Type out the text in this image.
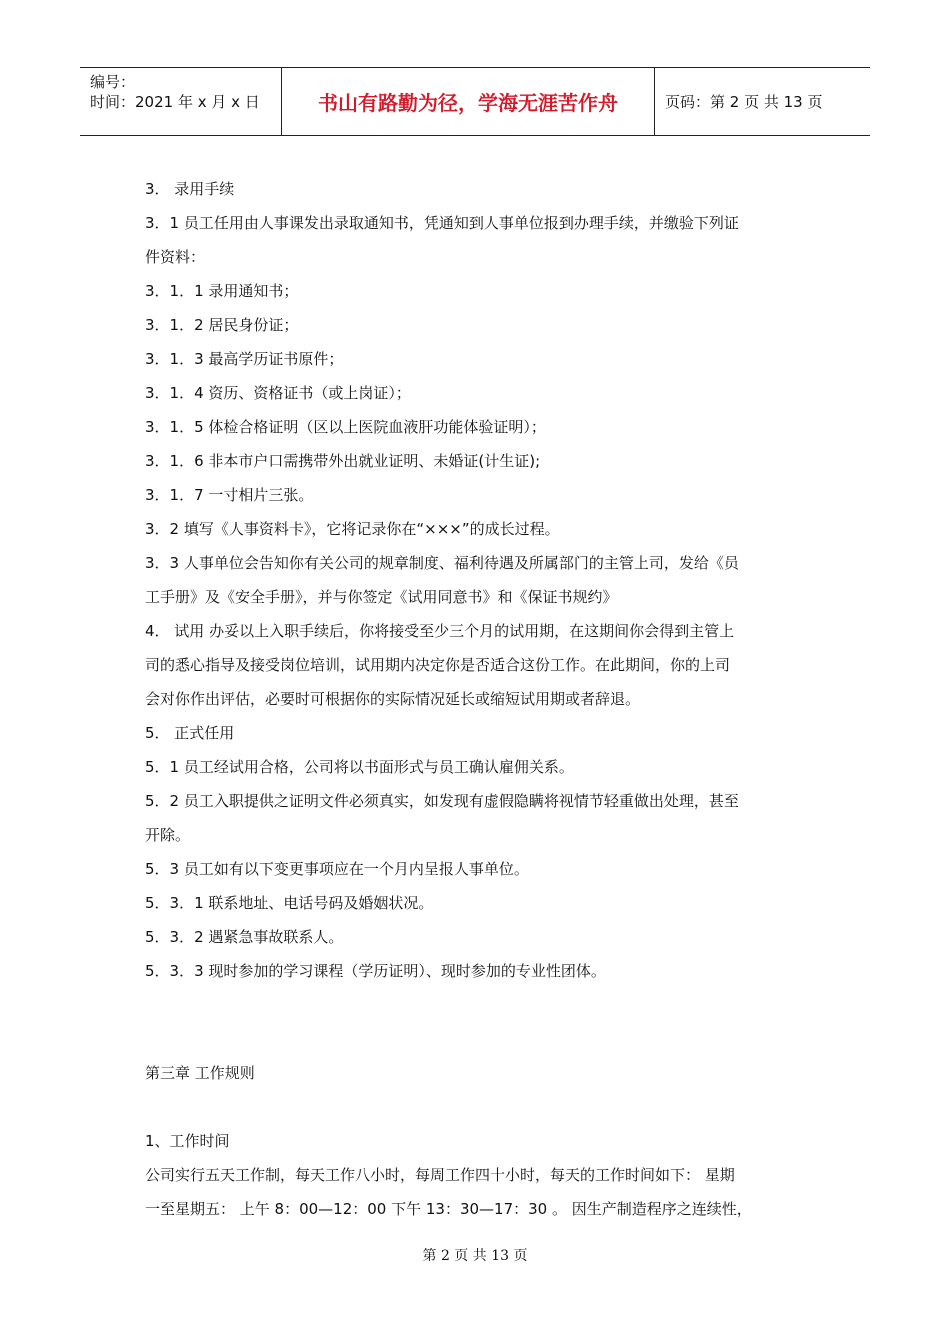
编号：
时间：2021 年 x 月 x 日	书山有路勤为径，学海无涯苦作舟	页码：第 2 页 共 13 页

3． 录用手续

3．1 员工任用由人事课发出录取通知书，凭通知到人事单位报到办理手续，并缴验下列证

件资料：

3．1．1 录用通知书；

3．1．2 居民身份证；

3．1．3 最高学历证书原件；

3．1．4 资历、资格证书（或上岗证）；

3．1．5 体检合格证明（区以上医院血液肝功能体验证明）；

3．1．6 非本市户口需携带外出就业证明、未婚证(计生证);

3．1．7 一寸相片三张。

3．2 填写《人事资料卡》，它将记录你在“×××”的成长过程。

3．3 人事单位会告知你有关公司的规章制度、福利待遇及所属部门的主管上司，发给《员

工手册》及《安全手册》，并与你签定《试用同意书》和《保证书规约》

4． 试用 办妥以上入职手续后，你将接受至少三个月的试用期，在这期间你会得到主管上

司的悉心指导及接受岗位培训，试用期内决定你是否适合这份工作。在此期间，你的上司

会对你作出评估，必要时可根据你的实际情况延长或缩短试用期或者辞退。

5． 正式任用

5．1 员工经试用合格，公司将以书面形式与员工确认雇佣关系。

5．2 员工入职提供之证明文件必须真实，如发现有虚假隐瞒将视情节轻重做出处理，甚至

开除。

5．3 员工如有以下变更事项应在一个月内呈报人事单位。

5．3．1 联系地址、电话号码及婚姻状况。

5．3．2 遇紧急事故联系人。

5．3．3 现时参加的学习课程（学历证明）、现时参加的专业性团体。

第三章 工作规则

1、工作时间

公司实行五天工作制，每天工作八小时，每周工作四十小时，每天的工作时间如下： 星期

一至星期五： 上午 8：00—12：00 下午 13：30—17：30 。 因生产制造程序之连续性，

第 2 页 共 13 页
